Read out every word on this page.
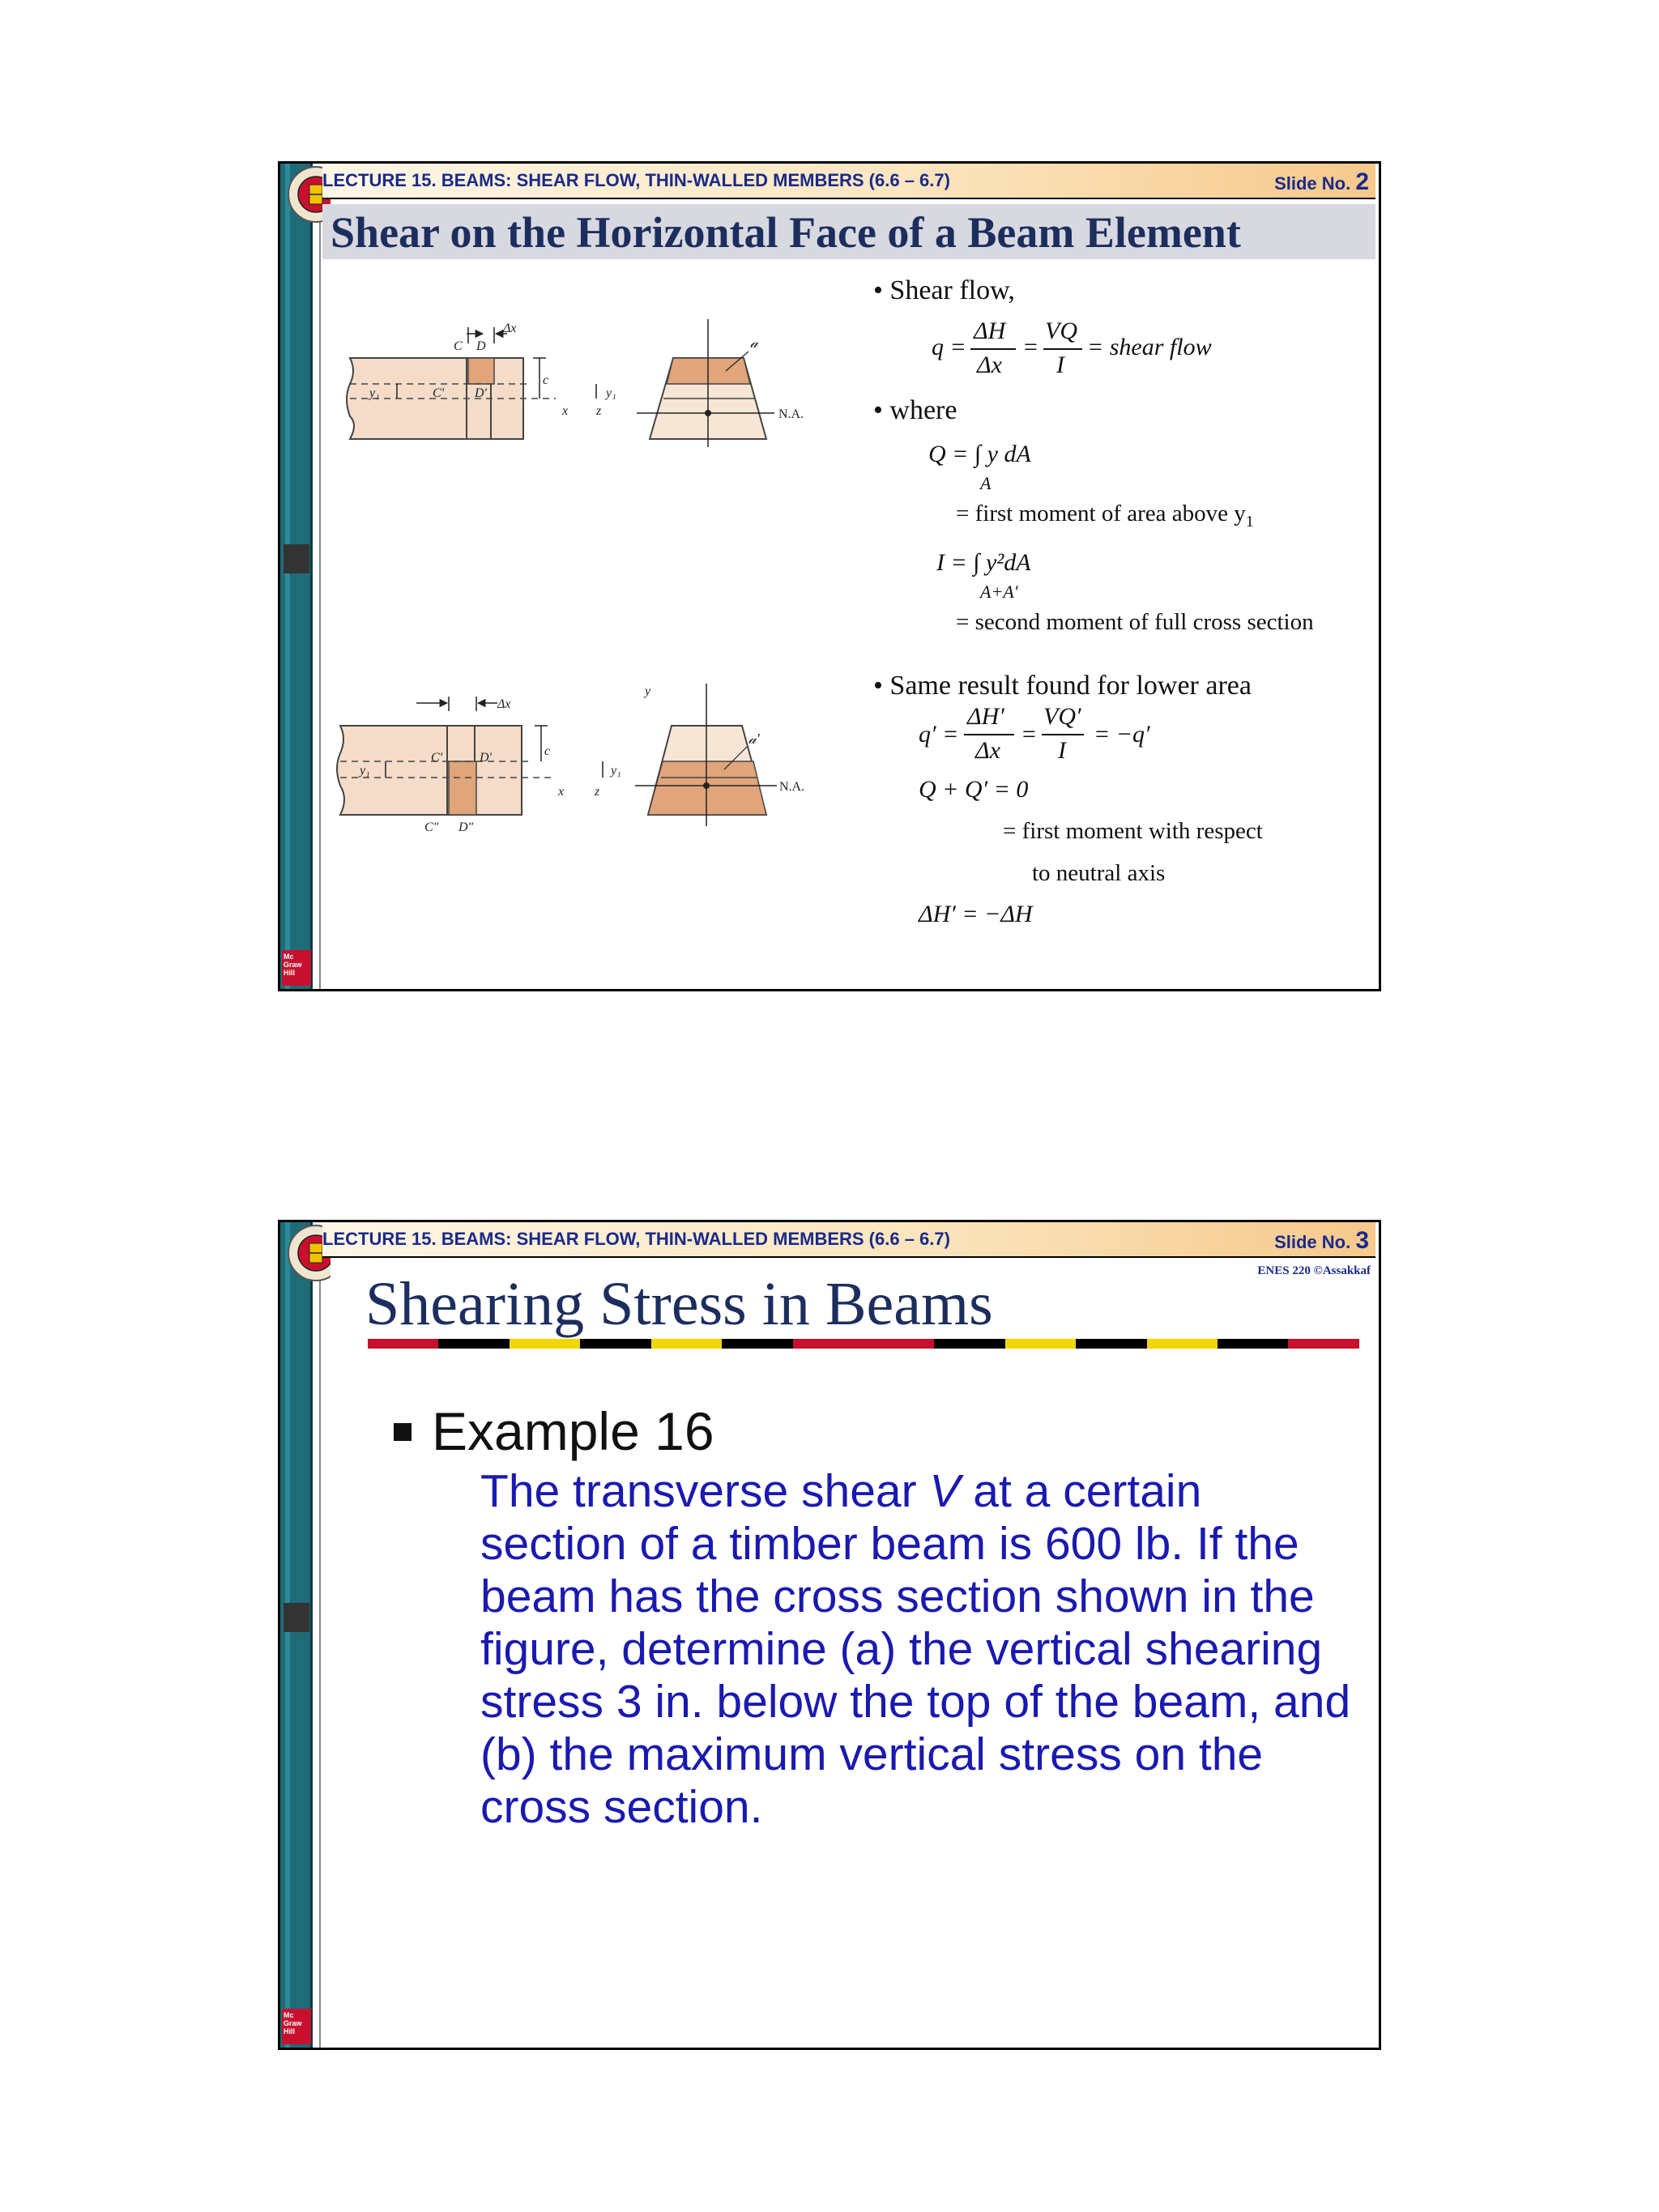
Mc
Graw
Hill
LECTURE 15. BEAMS: SHEAR FLOW, THIN-WALLED MEMBERS (6.6 – 6.7)	Slide No. 2
Shear on the Horizontal Face of a Beam Element
Δx
C D
C' D'
y₁
c
x z
y₁
N.A.
𝒶
Δx
C'	D'
C" D"
y₁
c
x z
y₁
y
N.A.
𝒶'
• Shear flow,
q =
ΔH
Δx
=
VQ
I
= shear flow
• where
Q = ∫ y dA
A
= first moment of area above $y_1$
I = ∫ y²dA
A+A'
= second moment of full cross section
• Same result found for lower area
q′ =
ΔH′
Δx
=
VQ′
I
= −q′
Q + Q′ = 0
= first moment with respect
to neutral axis
ΔH′ = −ΔH
Mc
Graw
Hill
LECTURE 15. BEAMS: SHEAR FLOW, THIN-WALLED MEMBERS (6.6 – 6.7)	Slide No. 3
ENES 220 ©Assakkaf
Shearing Stress in Beams
Example 16
The transverse shear V at a certain section of a timber beam is 600 lb. If the beam has the cross section shown in the figure, determine (a) the vertical shearing stress 3 in. below the top of the beam, and (b) the maximum vertical stress on the cross section.
